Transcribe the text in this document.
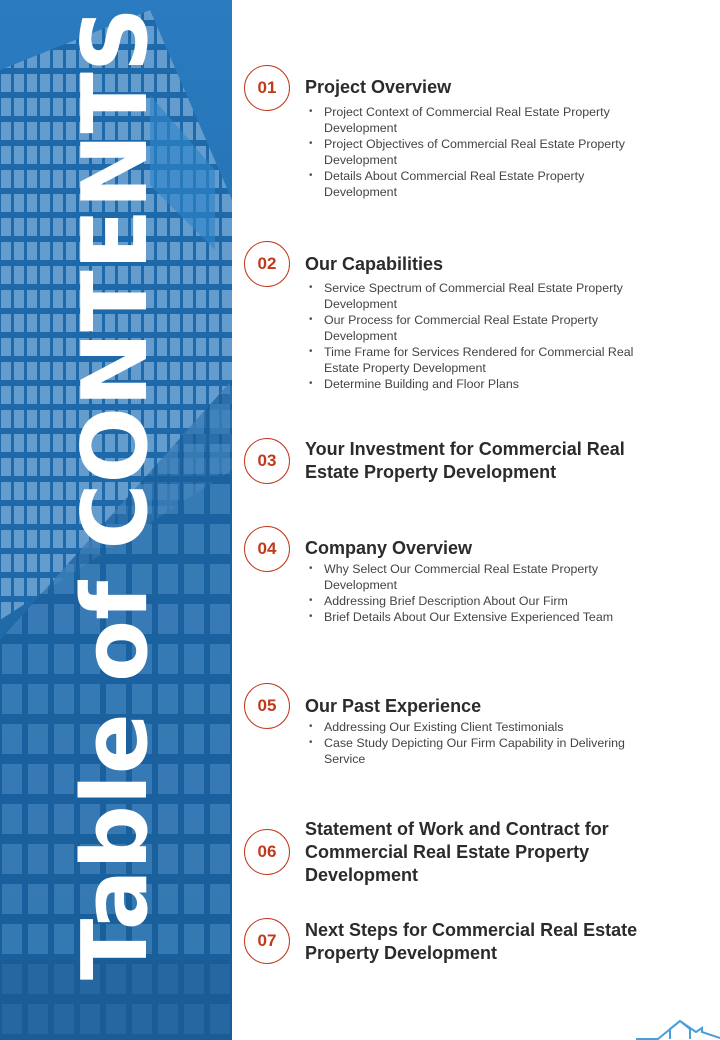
Table of CONTENTS	01	Project Overview
• Project Context of Commercial Real Estate Property Development
• Project Objectives of Commercial Real Estate Property Development
• Details About Commercial Real Estate Property Development
02	Our Capabilities
• Service Spectrum of Commercial Real Estate Property Development
• Our Process for Commercial Real Estate Property Development
• Time Frame for Services Rendered for Commercial Real Estate Property Development
• Determine Building and Floor Plans
03
Your Investment for Commercial Real Estate Property Development
04	Company Overview
• Why Select Our Commercial Real Estate Property Development
• Addressing Brief Description About Our Firm
• Brief Details About Our Extensive Experienced Team
05	Our Past Experience
• Addressing Our Existing Client Testimonials
• Case Study Depicting Our Firm Capability in Delivering Service
06
Statement of Work and Contract for Commercial Real Estate Property Development
07
Next Steps for Commercial Real Estate Property Development
